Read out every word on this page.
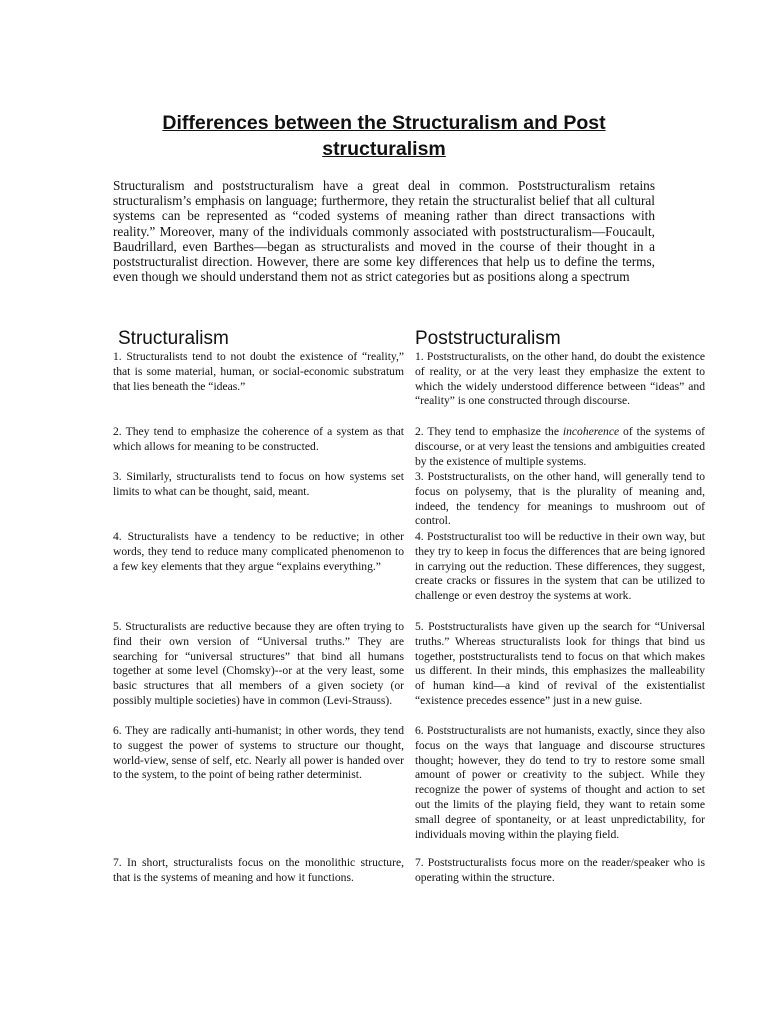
Differences between the Structuralism and Post structuralism

Structuralism and poststructuralism have a great deal in common. Poststructuralism retains structuralism’s emphasis on language; furthermore, they retain the structuralist belief that all cultural systems can be represented as “coded systems of meaning rather than direct transactions with reality.” Moreover, many of the individuals commonly associated with poststructuralism—Foucault, Baudrillard, even Barthes—began as structuralists and moved in the course of their thought in a poststructuralist direction. However, there are some key differences that help us to define the terms, even though we should understand them not as strict categories but as positions along a spectrum

Structuralism

1. Structuralists tend to not doubt the existence of “reality,” that is some material, human, or social-economic substratum that lies beneath the “ideas.”

2. They tend to emphasize the coherence of a system as that which allows for meaning to be constructed.

3. Similarly, structuralists tend to focus on how systems set limits to what can be thought, said, meant.

4. Structuralists have a tendency to be reductive; in other words, they tend to reduce many complicated phenomenon to a few key elements that they argue “explains everything.”

5. Structuralists are reductive because they are often trying to find their own version of “Universal truths.” They are searching for “universal structures” that bind all humans together at some level (Chomsky)--or at the very least, some basic structures that all members of a given society (or possibly multiple societies) have in common (Levi-Strauss).

6. They are radically anti-humanist; in other words, they tend to suggest the power of systems to structure our thought, world-view, sense of self, etc. Nearly all power is handed over to the system, to the point of being rather determinist.

7. In short, structuralists focus on the monolithic structure, that is the systems of meaning and how it functions.

Poststructuralism

1. Poststructuralists, on the other hand, do doubt the existence of reality, or at the very least they emphasize the extent to which the widely understood difference between “ideas” and “reality” is one constructed through discourse.

2. They tend to emphasize the incoherence of the systems of discourse, or at very least the tensions and ambiguities created by the existence of multiple systems.

3. Poststructuralists, on the other hand, will generally tend to focus on polysemy, that is the plurality of meaning and, indeed, the tendency for meanings to mushroom out of control.

4. Poststructuralist too will be reductive in their own way, but they try to keep in focus the differences that are being ignored in carrying out the reduction. These differences, they suggest, create cracks or fissures in the system that can be utilized to challenge or even destroy the systems at work.

5. Poststructuralists have given up the search for “Universal truths.” Whereas structuralists look for things that bind us together, poststructuralists tend to focus on that which makes us different. In their minds, this emphasizes the malleability of human kind—a kind of revival of the existentialist “existence precedes essence” just in a new guise.

6. Poststructuralists are not humanists, exactly, since they also focus on the ways that language and discourse structures thought; however, they do tend to try to restore some small amount of power or creativity to the subject. While they recognize the power of systems of thought and action to set out the limits of the playing field, they want to retain some small degree of spontaneity, or at least unpredictability, for individuals moving within the playing field.

7. Poststructuralists focus more on the reader/speaker who is operating within the structure.
